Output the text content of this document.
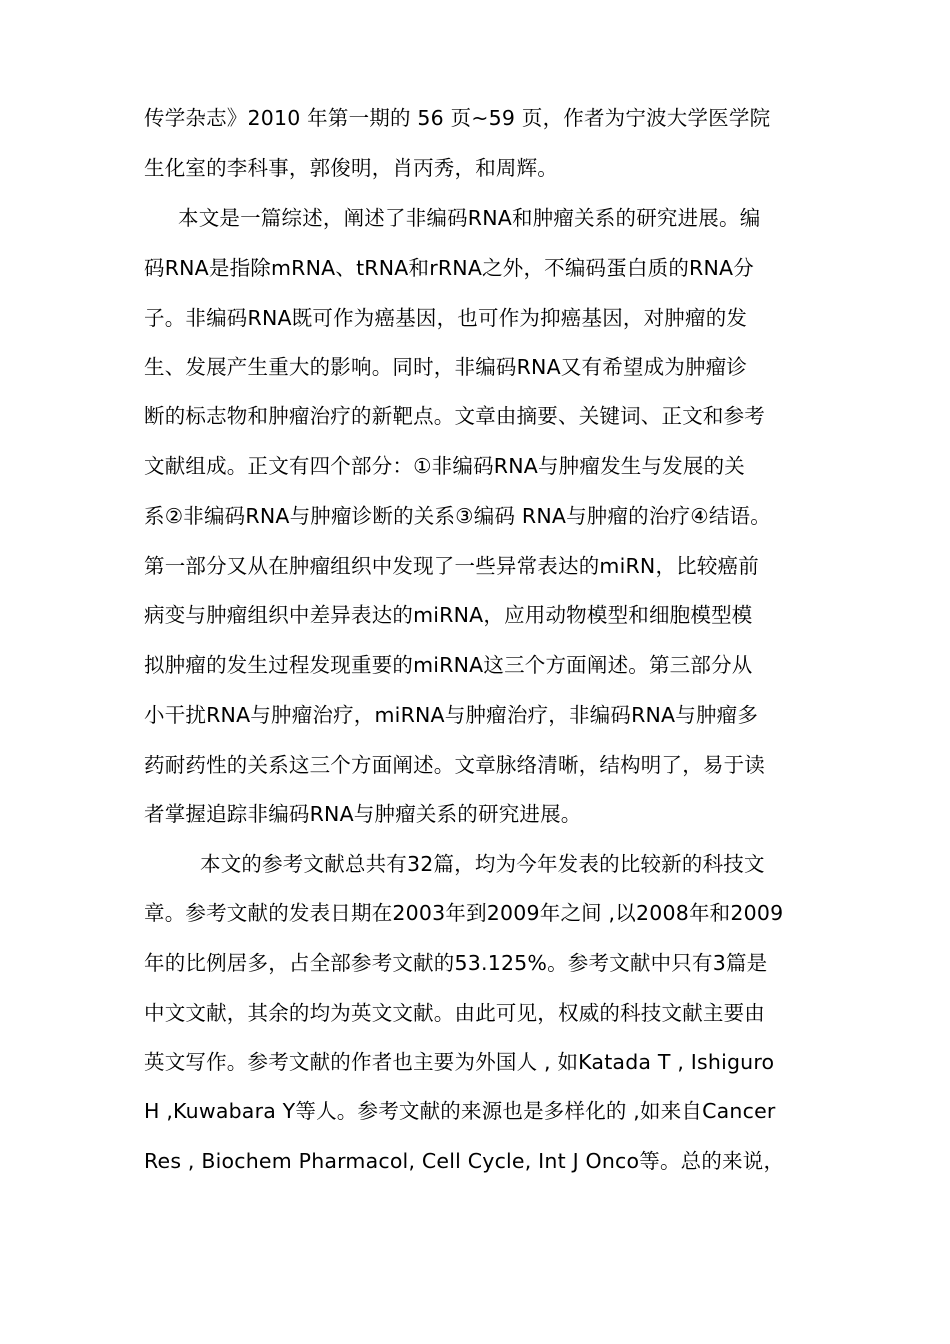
传学杂志》2010 年第一期的 56 页~59 页，作者为宁波大学医学院
生化室的李科事，郭俊明，肖丙秀，和周辉。
本文是一篇综述，阐述了非编码RNA和肿瘤关系的研究进展。编
码RNA是指除mRNA、tRNA和rRNA之外，不编码蛋白质的RNA分
子。非编码RNA既可作为癌基因，也可作为抑癌基因，对肿瘤的发
生、发展产生重大的影响。同时，非编码RNA又有希望成为肿瘤诊
断的标志物和肿瘤治疗的新靶点。文章由摘要、关键词、正文和参考
文献组成。正文有四个部分：①非编码RNA与肿瘤发生与发展的关
系②非编码RNA与肿瘤诊断的关系③编码 RNA与肿瘤的治疗④结语。
第一部分又从在肿瘤组织中发现了一些异常表达的miRN，比较癌前
病变与肿瘤组织中差异表达的miRNA，应用动物模型和细胞模型模
拟肿瘤的发生过程发现重要的miRNA这三个方面阐述。第三部分从
小干扰RNA与肿瘤治疗，miRNA与肿瘤治疗，非编码RNA与肿瘤多
药耐药性的关系这三个方面阐述。文章脉络清晰，结构明了，易于读
者掌握追踪非编码RNA与肿瘤关系的研究进展。
本文的参考文献总共有32篇，均为今年发表的比较新的科技文
章。参考文献的发表日期在2003年到2009年之间 ,以2008年和2009
年的比例居多，占全部参考文献的53.125%。参考文献中只有3篇是
中文文献，其余的均为英文文献。由此可见，权威的科技文献主要由
英文写作。参考文献的作者也主要为外国人 , 如Katada T , Ishiguro
H ,Kuwabara Y等人。参考文献的来源也是多样化的 ,如来自Cancer
Res , Biochem Pharmacol, Cell Cycle, Int J Onco等。总的来说，
